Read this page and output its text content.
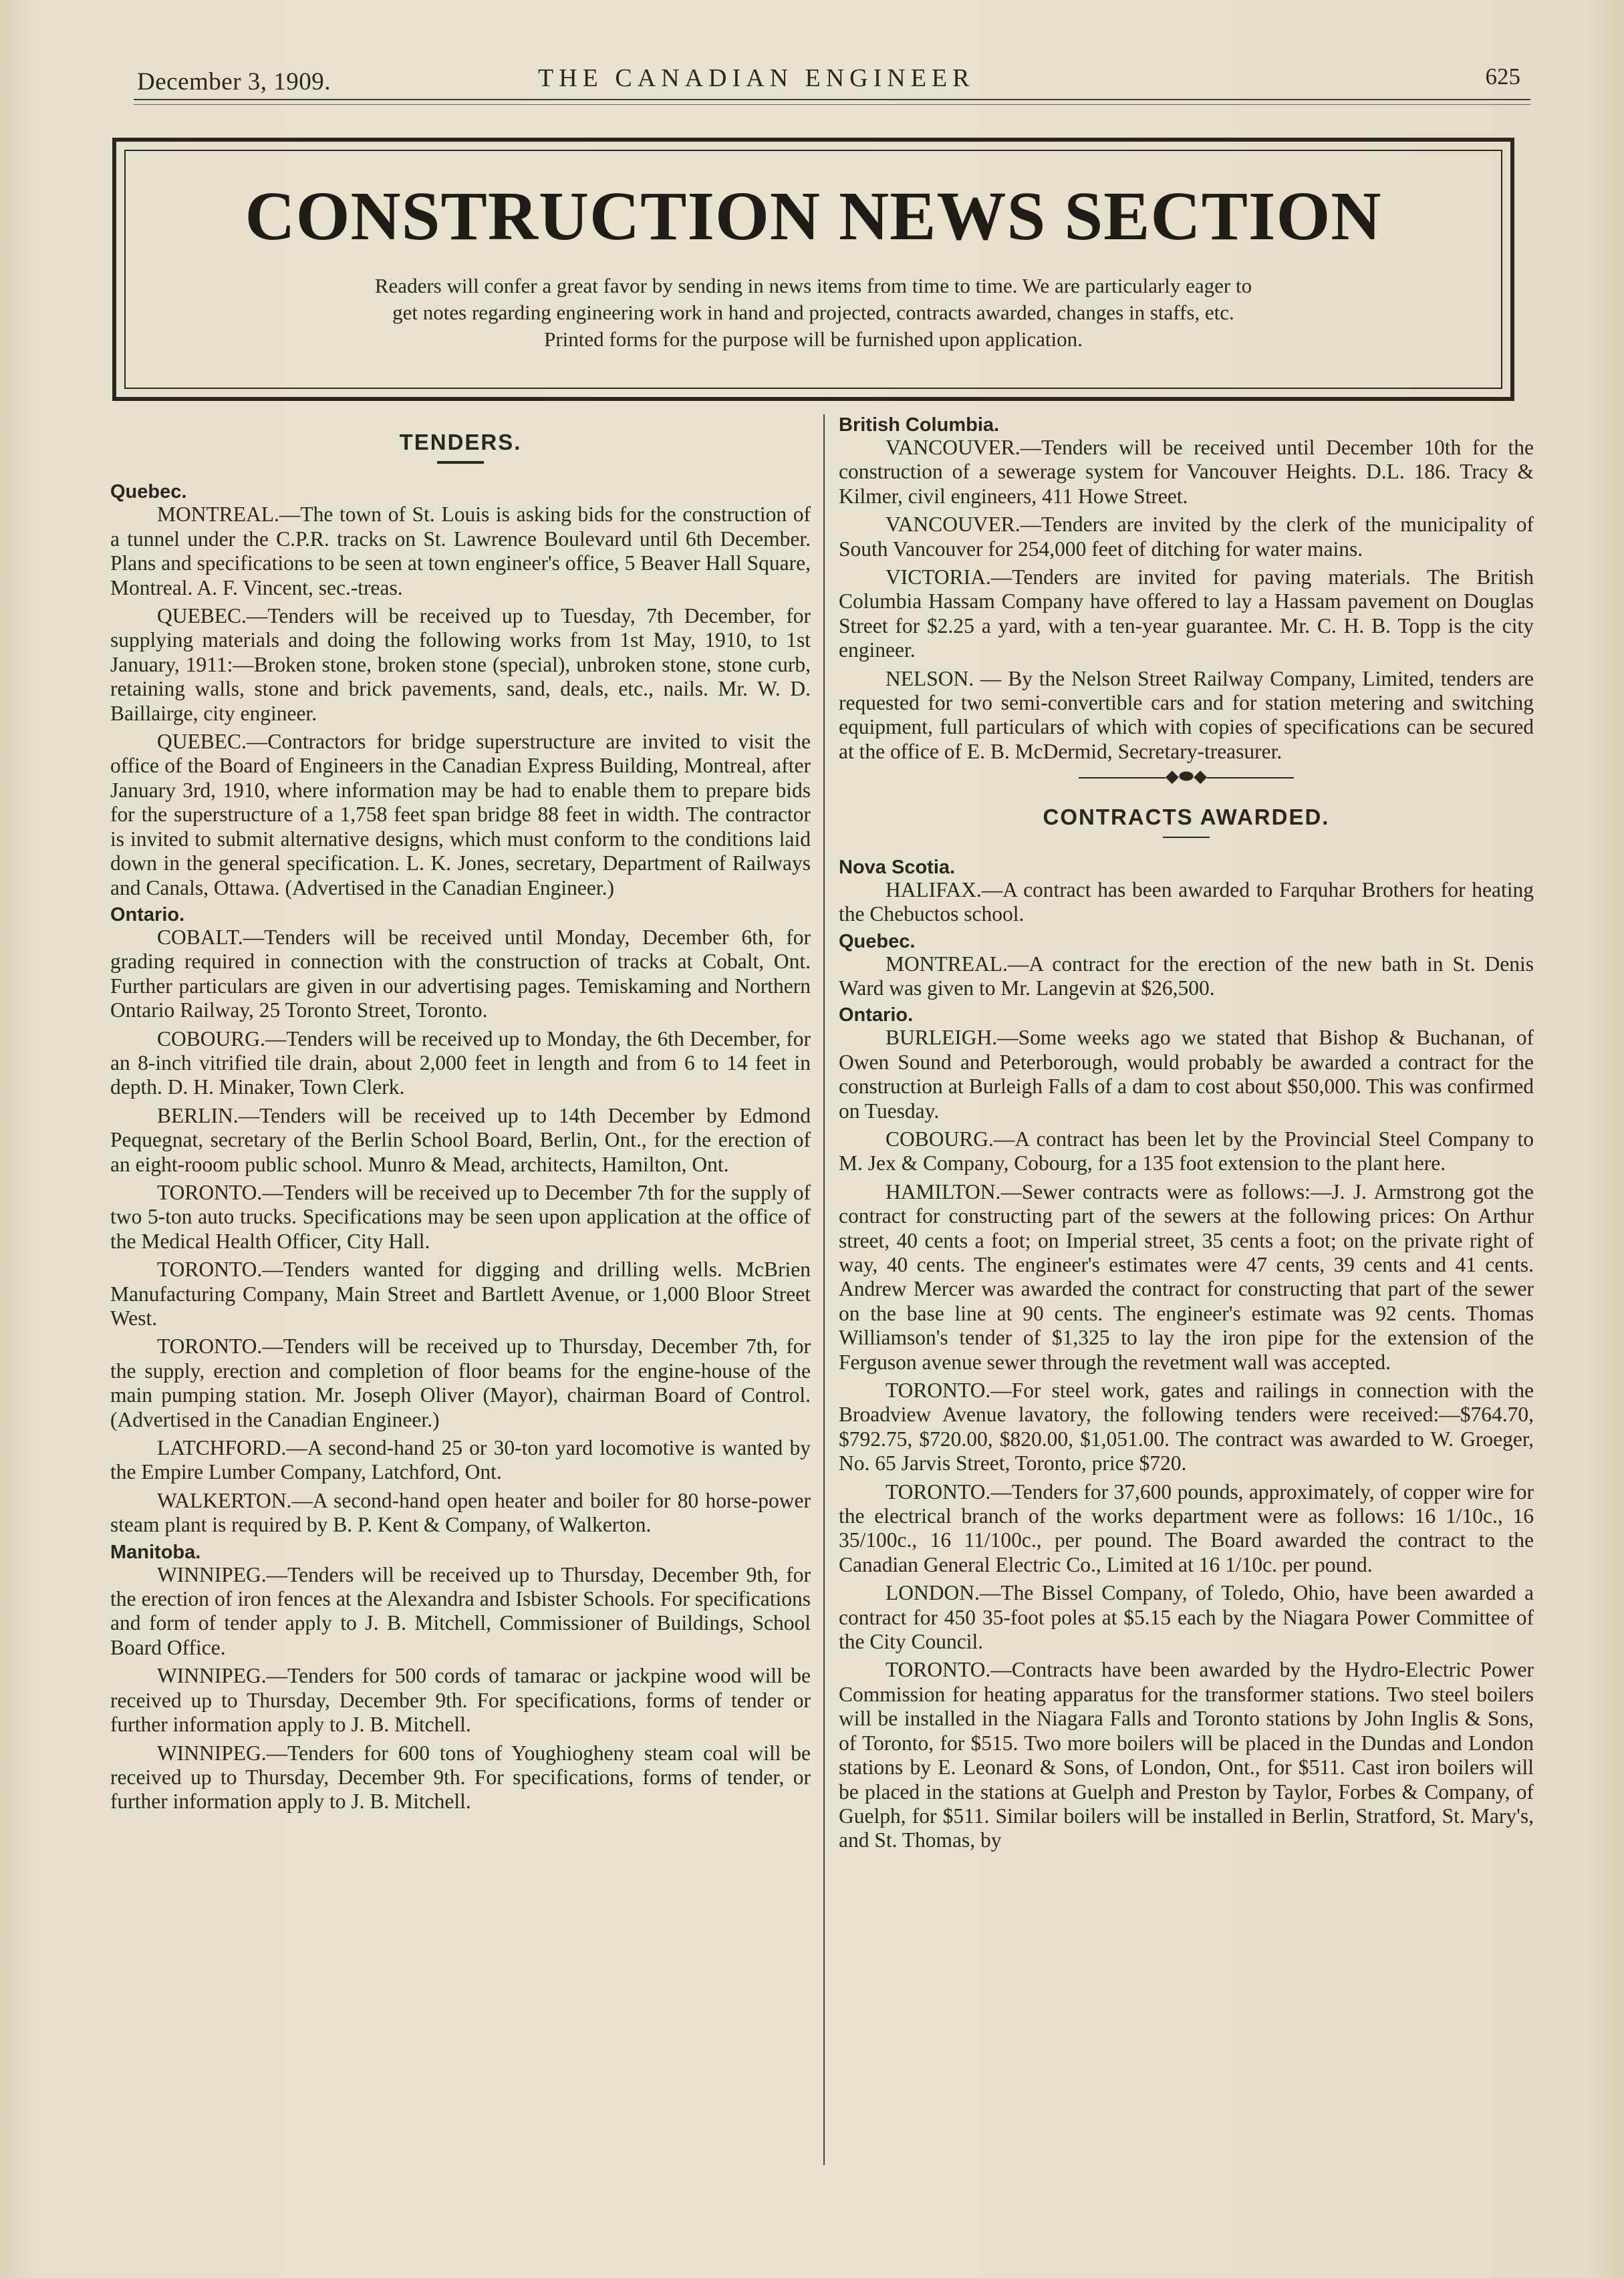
December 3, 1909.	THE CANADIAN ENGINEER	625
CONSTRUCTION NEWS SECTION
Readers will confer a great favor by sending in news items from time to time. We are particularly eager to
get notes regarding engineering work in hand and projected, contracts awarded, changes in staffs, etc.
Printed forms for the purpose will be furnished upon application.
TENDERS.
Quebec.

MONTREAL.—The town of St. Louis is asking bids for the construction of a tunnel under the C.P.R. tracks on St. Lawrence Boulevard until 6th December. Plans and specifications to be seen at town engineer's office, 5 Beaver Hall Square, Montreal. A. F. Vincent, sec.-treas.

QUEBEC.—Tenders will be received up to Tuesday, 7th December, for supplying materials and doing the following works from 1st May, 1910, to 1st January, 1911:—Broken stone, broken stone (special), unbroken stone, stone curb, retaining walls, stone and brick pavements, sand, deals, etc., nails. Mr. W. D. Baillairge, city engineer.

QUEBEC.—Contractors for bridge superstructure are invited to visit the office of the Board of Engineers in the Canadian Express Building, Montreal, after January 3rd, 1910, where information may be had to enable them to prepare bids for the superstructure of a 1,758 feet span bridge 88 feet in width. The contractor is invited to submit alternative designs, which must conform to the conditions laid down in the general specification. L. K. Jones, secretary, Department of Railways and Canals, Ottawa. (Advertised in the Canadian Engineer.)

Ontario.

COBALT.—Tenders will be received until Monday, December 6th, for grading required in connection with the construction of tracks at Cobalt, Ont. Further particulars are given in our advertising pages. Temiskaming and Northern Ontario Railway, 25 Toronto Street, Toronto.

COBOURG.—Tenders will be received up to Monday, the 6th December, for an 8-inch vitrified tile drain, about 2,000 feet in length and from 6 to 14 feet in depth. D. H. Minaker, Town Clerk.

BERLIN.—Tenders will be received up to 14th December by Edmond Pequegnat, secretary of the Berlin School Board, Berlin, Ont., for the erection of an eight-rooom public school. Munro & Mead, architects, Hamilton, Ont.

TORONTO.—Tenders will be received up to December 7th for the supply of two 5-ton auto trucks. Specifications may be seen upon application at the office of the Medical Health Officer, City Hall.

TORONTO.—Tenders wanted for digging and drilling wells. McBrien Manufacturing Company, Main Street and Bartlett Avenue, or 1,000 Bloor Street West.

TORONTO.—Tenders will be received up to Thursday, December 7th, for the supply, erection and completion of floor beams for the engine-house of the main pumping station. Mr. Joseph Oliver (Mayor), chairman Board of Control. (Advertised in the Canadian Engineer.)

LATCHFORD.—A second-hand 25 or 30-ton yard locomotive is wanted by the Empire Lumber Company, Latchford, Ont.

WALKERTON.—A second-hand open heater and boiler for 80 horse-power steam plant is required by B. P. Kent & Company, of Walkerton.

Manitoba.

WINNIPEG.—Tenders will be received up to Thursday, December 9th, for the erection of iron fences at the Alexandra and Isbister Schools. For specifications and form of tender apply to J. B. Mitchell, Commissioner of Buildings, School Board Office.

WINNIPEG.—Tenders for 500 cords of tamarac or jackpine wood will be received up to Thursday, December 9th. For specifications, forms of tender or further information apply to J. B. Mitchell.

WINNIPEG.—Tenders for 600 tons of Youghiogheny steam coal will be received up to Thursday, December 9th. For specifications, forms of tender, or further information apply to J. B. Mitchell.

British Columbia.

VANCOUVER.—Tenders will be received until December 10th for the construction of a sewerage system for Vancouver Heights. D.L. 186. Tracy & Kilmer, civil engineers, 411 Howe Street.

VANCOUVER.—Tenders are invited by the clerk of the municipality of South Vancouver for 254,000 feet of ditching for water mains.

VICTORIA.—Tenders are invited for paving materials. The British Columbia Hassam Company have offered to lay a Hassam pavement on Douglas Street for $2.25 a yard, with a ten-year guarantee. Mr. C. H. B. Topp is the city engineer.

NELSON. — By the Nelson Street Railway Company, Limited, tenders are requested for two semi-convertible cars and for station metering and switching equipment, full particulars of which with copies of specifications can be secured at the office of E. B. McDermid, Secretary-treasurer.

◆⬬◆
CONTRACTS AWARDED.
Nova Scotia.

HALIFAX.—A contract has been awarded to Farquhar Brothers for heating the Chebuctos school.

Quebec.

MONTREAL.—A contract for the erection of the new bath in St. Denis Ward was given to Mr. Langevin at $26,500.

Ontario.

BURLEIGH.—Some weeks ago we stated that Bishop & Buchanan, of Owen Sound and Peterborough, would probably be awarded a contract for the construction at Burleigh Falls of a dam to cost about $50,000. This was confirmed on Tuesday.

COBOURG.—A contract has been let by the Provincial Steel Company to M. Jex & Company, Cobourg, for a 135 foot extension to the plant here.

HAMILTON.—Sewer contracts were as follows:—J. J. Armstrong got the contract for constructing part of the sewers at the following prices: On Arthur street, 40 cents a foot; on Imperial street, 35 cents a foot; on the private right of way, 40 cents. The engineer's estimates were 47 cents, 39 cents and 41 cents. Andrew Mercer was awarded the contract for constructing that part of the sewer on the base line at 90 cents. The engineer's estimate was 92 cents. Thomas Williamson's tender of $1,325 to lay the iron pipe for the extension of the Ferguson avenue sewer through the revetment wall was accepted.

TORONTO.—For steel work, gates and railings in connection with the Broadview Avenue lavatory, the following tenders were received:—$764.70, $792.75, $720.00, $820.00, $1,051.00. The contract was awarded to W. Groeger, No. 65 Jarvis Street, Toronto, price $720.

TORONTO.—Tenders for 37,600 pounds, approximately, of copper wire for the electrical branch of the works department were as follows: 16 1/10c., 16 35/100c., 16 11/100c., per pound. The Board awarded the contract to the Canadian General Electric Co., Limited at 16 1/10c. per pound.

LONDON.—The Bissel Company, of Toledo, Ohio, have been awarded a contract for 450 35-foot poles at $5.15 each by the Niagara Power Committee of the City Council.

TORONTO.—Contracts have been awarded by the Hydro-Electric Power Commission for heating apparatus for the transformer stations. Two steel boilers will be installed in the Niagara Falls and Toronto stations by John Inglis & Sons, of Toronto, for $515. Two more boilers will be placed in the Dundas and London stations by E. Leonard & Sons, of London, Ont., for $511. Cast iron boilers will be placed in the stations at Guelph and Preston by Taylor, Forbes & Company, of Guelph, for $511. Similar boilers will be installed in Berlin, Stratford, St. Mary's, and St. Thomas, by
